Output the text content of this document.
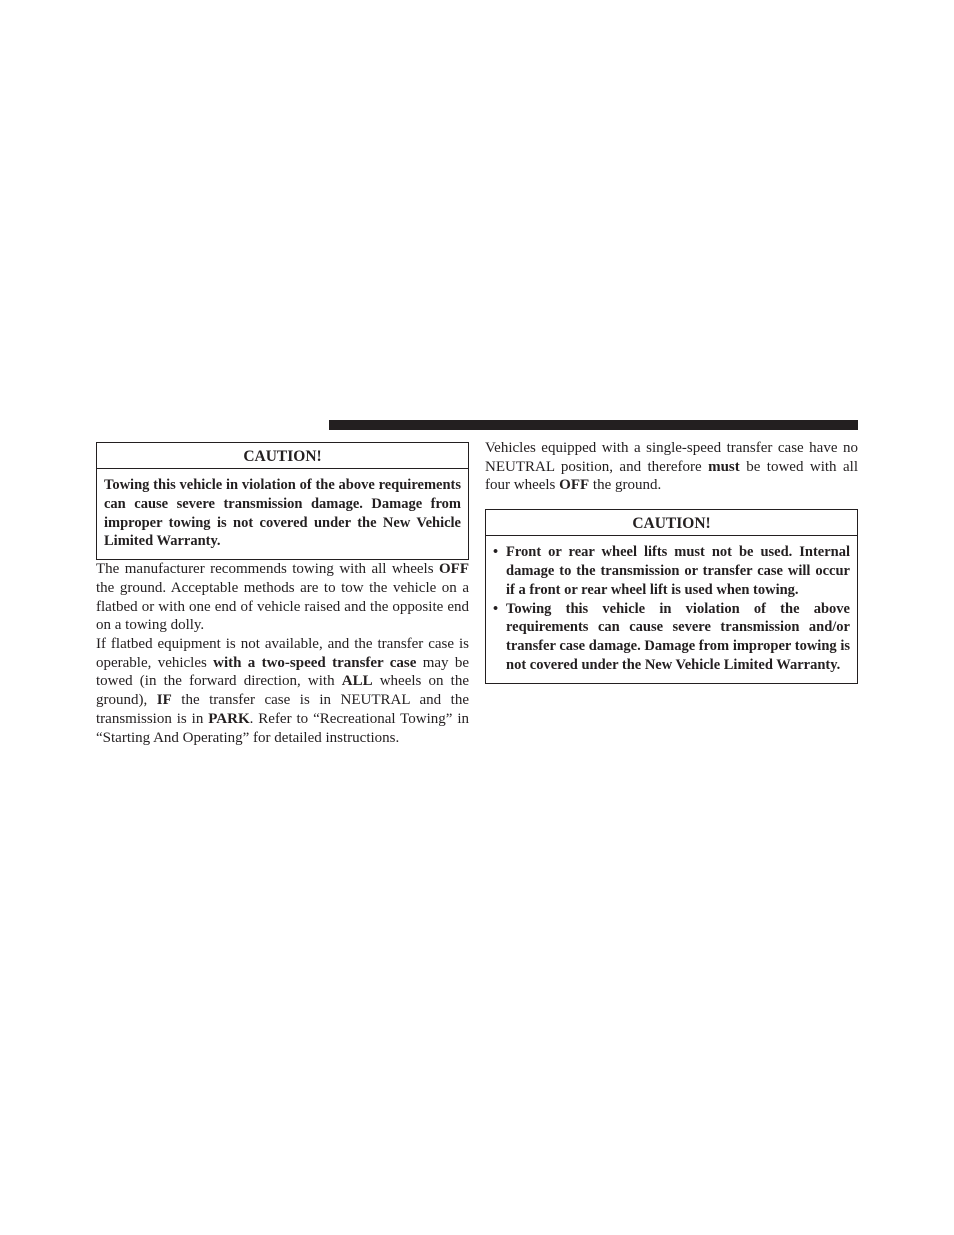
CAUTION!
Towing this vehicle in violation of the above requirements can cause severe transmission damage. Damage from improper towing is not covered under the New Vehicle Limited Warranty.

The manufacturer recommends towing with all wheels OFF the ground. Acceptable methods are to tow the vehicle on a flatbed or with one end of vehicle raised and the opposite end on a towing dolly.

If flatbed equipment is not available, and the transfer case is operable, vehicles with a two-speed transfer case may be towed (in the forward direction, with ALL wheels on the ground), IF the transfer case is in NEUTRAL and the transmission is in PARK. Refer to “Recreational Towing” in “Starting And Operating” for detailed instructions.

Vehicles equipped with a single-speed transfer case have no NEUTRAL position, and therefore must be towed with all four wheels OFF the ground.

CAUTION!
• Front or rear wheel lifts must not be used. Internal damage to the transmission or transfer case will occur if a front or rear wheel lift is used when towing.
• Towing this vehicle in violation of the above requirements can cause severe transmission and/or transfer case damage. Damage from improper towing is not covered under the New Vehicle Limited Warranty.
